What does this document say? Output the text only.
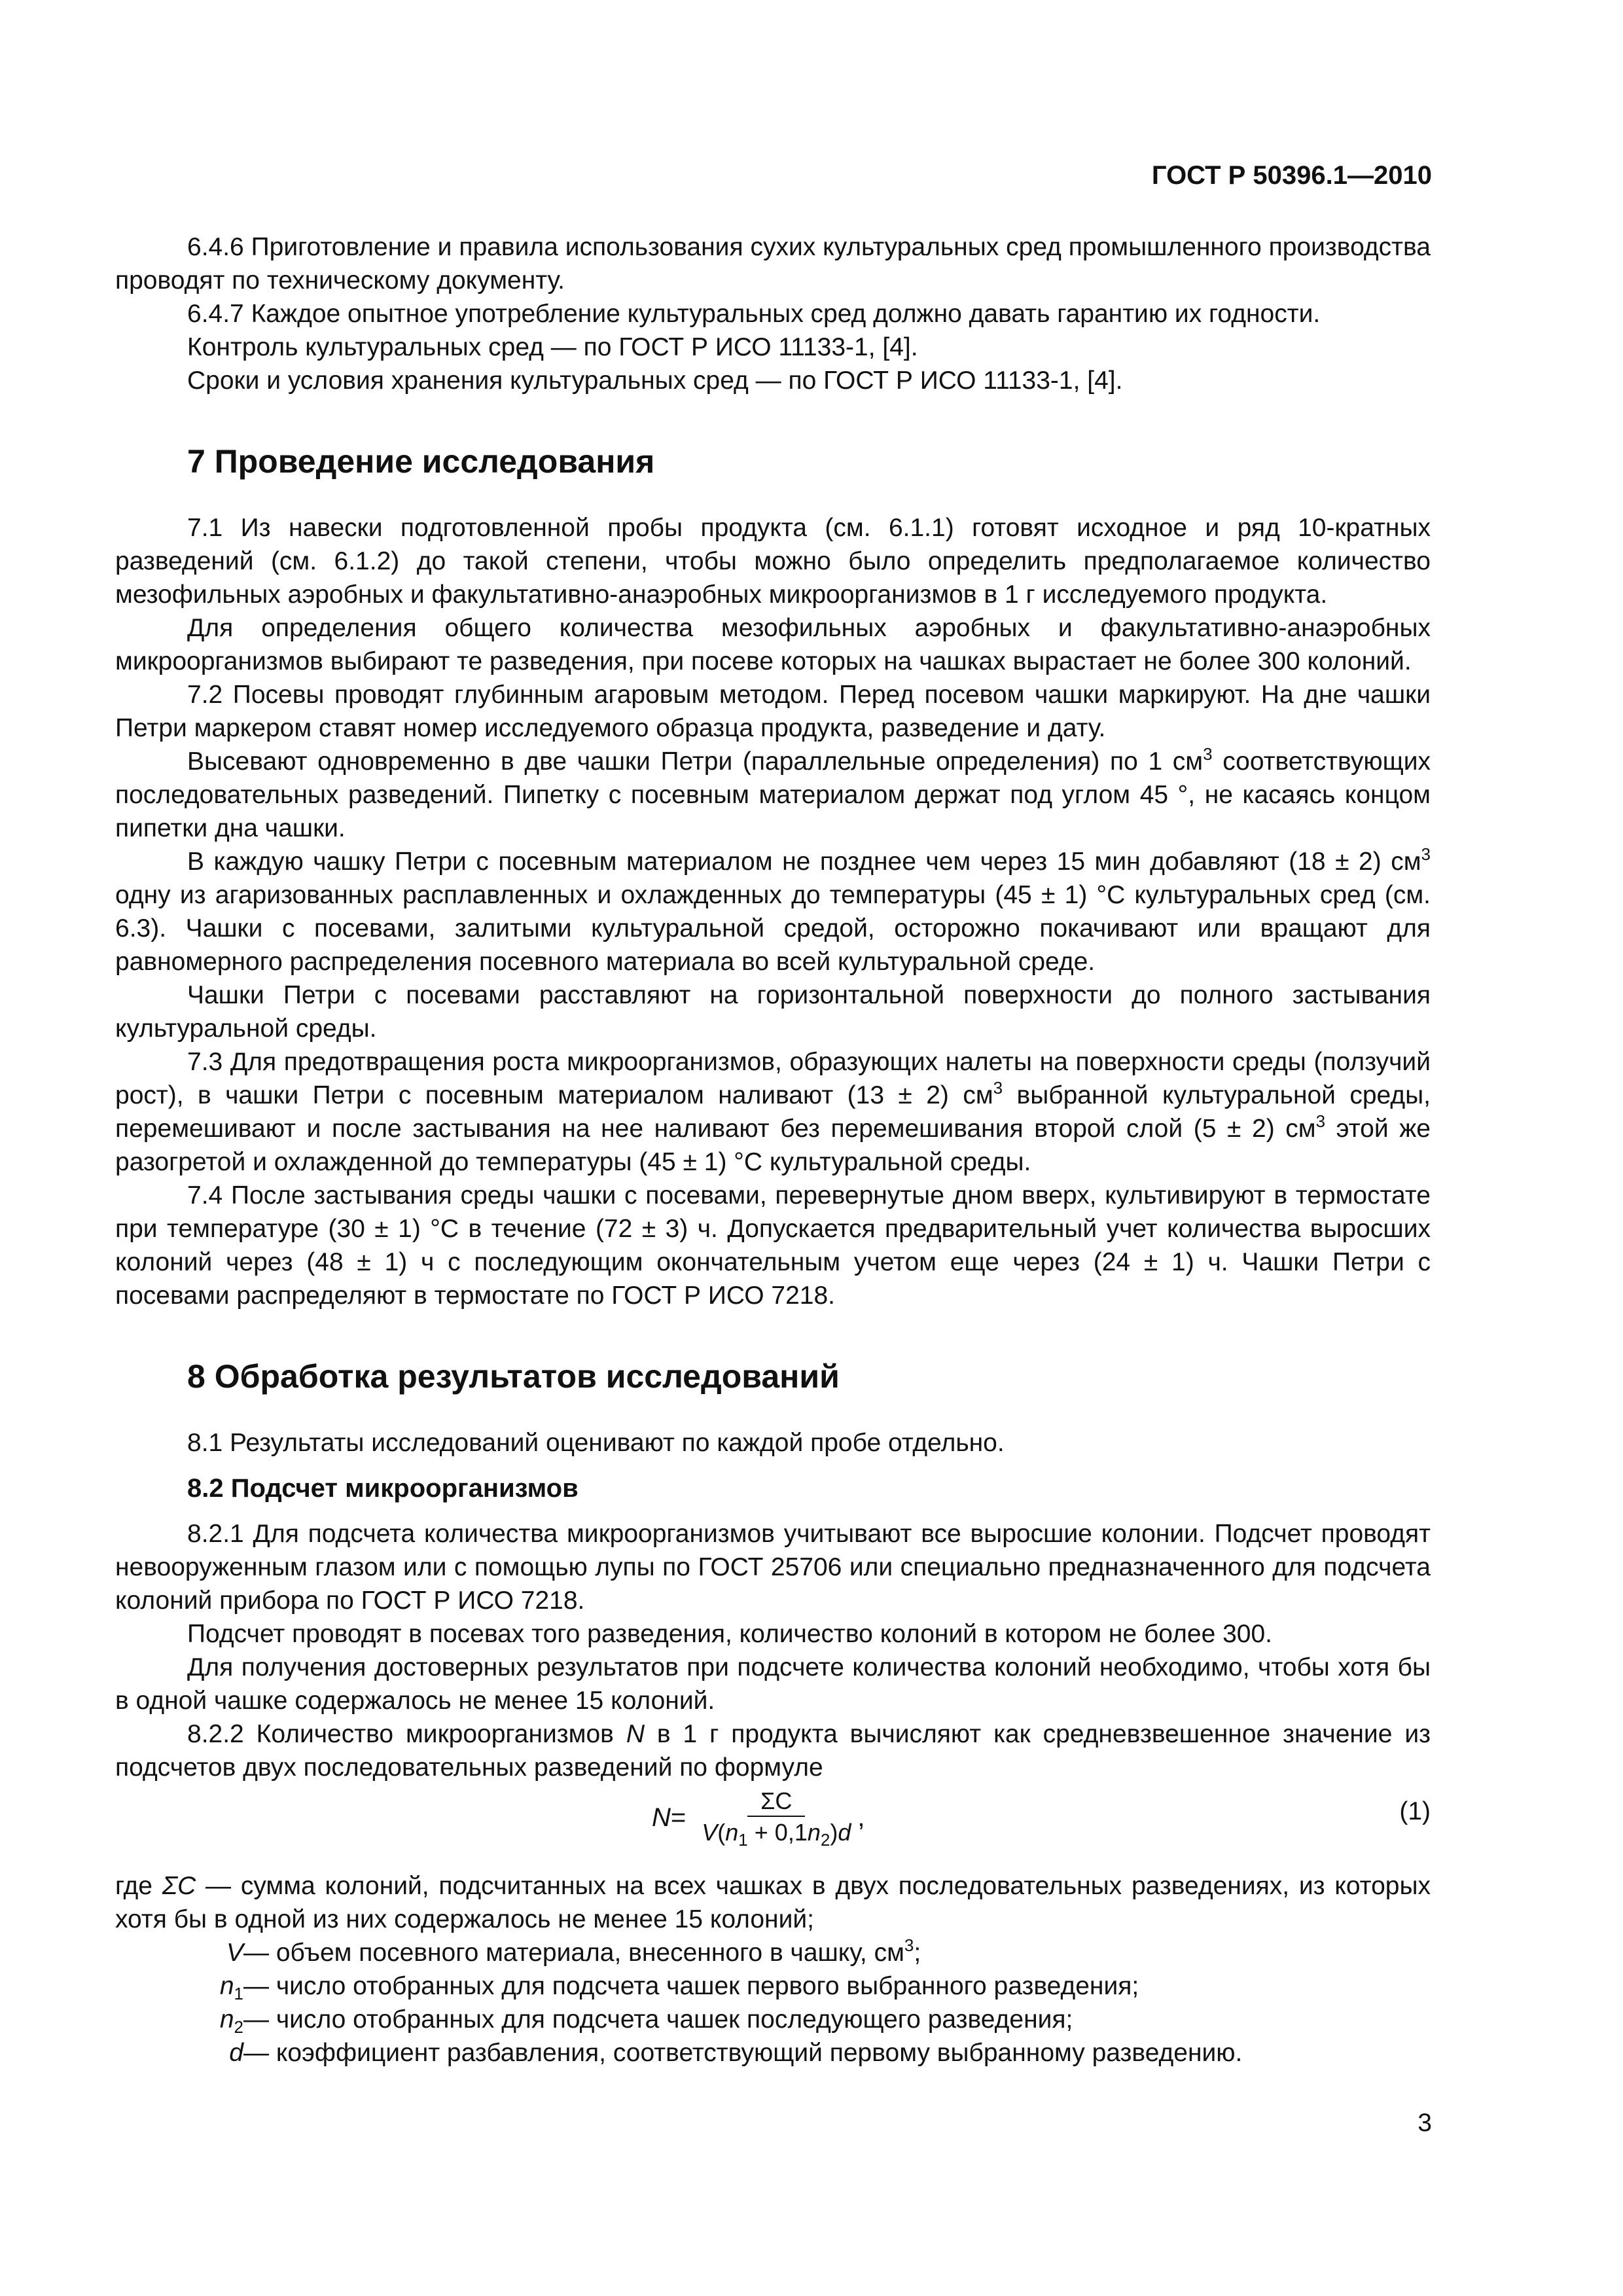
ГОСТ Р 50396.1—2010

6.4.6 Приготовление и правила использования сухих культуральных сред промышленного производства проводят по техническому документу.

6.4.7 Каждое опытное употребление культуральных сред должно давать гарантию их годности.

Контроль культуральных сред — по ГОСТ Р ИСО 11133-1, [4].

Сроки и условия хранения культуральных сред — по ГОСТ Р ИСО 11133-1, [4].

7 Проведение исследования

7.1 Из навески подготовленной пробы продукта (см. 6.1.1) готовят исходное и ряд 10-кратных разведений (см. 6.1.2) до такой степени, чтобы можно было определить предполагаемое количество мезофильных аэробных и факультативно-анаэробных микроорганизмов в 1 г исследуемого продукта.

Для определения общего количества мезофильных аэробных и факультативно-анаэробных микроорганизмов выбирают те разведения, при посеве которых на чашках вырастает не более 300 колоний.

7.2 Посевы проводят глубинным агаровым методом. Перед посевом чашки маркируют. На дне чашки Петри маркером ставят номер исследуемого образца продукта, разведение и дату.

Высевают одновременно в две чашки Петри (параллельные определения) по 1 $см^3$ соответствующих последовательных разведений. Пипетку с посевным материалом держат под углом 45 °, не касаясь концом пипетки дна чашки.

В каждую чашку Петри с посевным материалом не позднее чем через 15 мин добавляют (18 ± 2) $см^3$ одну из агаризованных расплавленных и охлажденных до температуры (45 ± 1) °С культуральных сред (см. 6.3). Чашки с посевами, залитыми культуральной средой, осторожно покачивают или вращают для равномерного распределения посевного материала во всей культуральной среде.

Чашки Петри с посевами расставляют на горизонтальной поверхности до полного застывания культуральной среды.

7.3 Для предотвращения роста микроорганизмов, образующих налеты на поверхности среды (ползучий рост), в чашки Петри с посевным материалом наливают (13 ± 2) $см^3$ выбранной культуральной среды, перемешивают и после застывания на нее наливают без перемешивания второй слой (5 ± 2) $см^3$ этой же разогретой и охлажденной до температуры (45 ± 1) °С культуральной среды.

7.4 После застывания среды чашки с посевами, перевернутые дном вверх, культивируют в термостате при температуре (30 ± 1) °С в течение (72 ± 3) ч. Допускается предварительный учет количества выросших колоний через (48 ± 1) ч с последующим окончательным учетом еще через (24 ± 1) ч. Чашки Петри с посевами распределяют в термостате по ГОСТ Р ИСО 7218.

8 Обработка результатов исследований

8.1 Результаты исследований оценивают по каждой пробе отдельно.

8.2 Подсчет микроорганизмов

8.2.1 Для подсчета количества микроорганизмов учитывают все выросшие колонии. Подсчет проводят невооруженным глазом или с помощью лупы по ГОСТ 25706 или специально предназначенного для подсчета колоний прибора по ГОСТ Р ИСО 7218.

Подсчет проводят в посевах того разведения, количество колоний в котором не более 300.

Для получения достоверных результатов при подсчете количества колоний необходимо, чтобы хотя бы в одной чашке содержалось не менее 15 колоний.

8.2.2 Количество микроорганизмов N в 1 г продукта вычисляют как средневзвешенное значение из подсчетов двух последовательных разведений по формуле

$N = \frac{\Sigma C}{V(n_1 + 0,1n_2)d}$ ,	(1)
где ΣC — сумма колоний, подсчитанных на всех чашках в двух последовательных разведениях, из которых хотя бы в одной из них содержалось не менее 15 колоний;
V — объем посевного материала, внесенного в чашку, $см^3$;
$n_1$ — число отобранных для подсчета чашек первого выбранного разведения;
$n_2$ — число отобранных для подсчета чашек последующего разведения;
d — коэффициент разбавления, соответствующий первому выбранному разведению.
3
